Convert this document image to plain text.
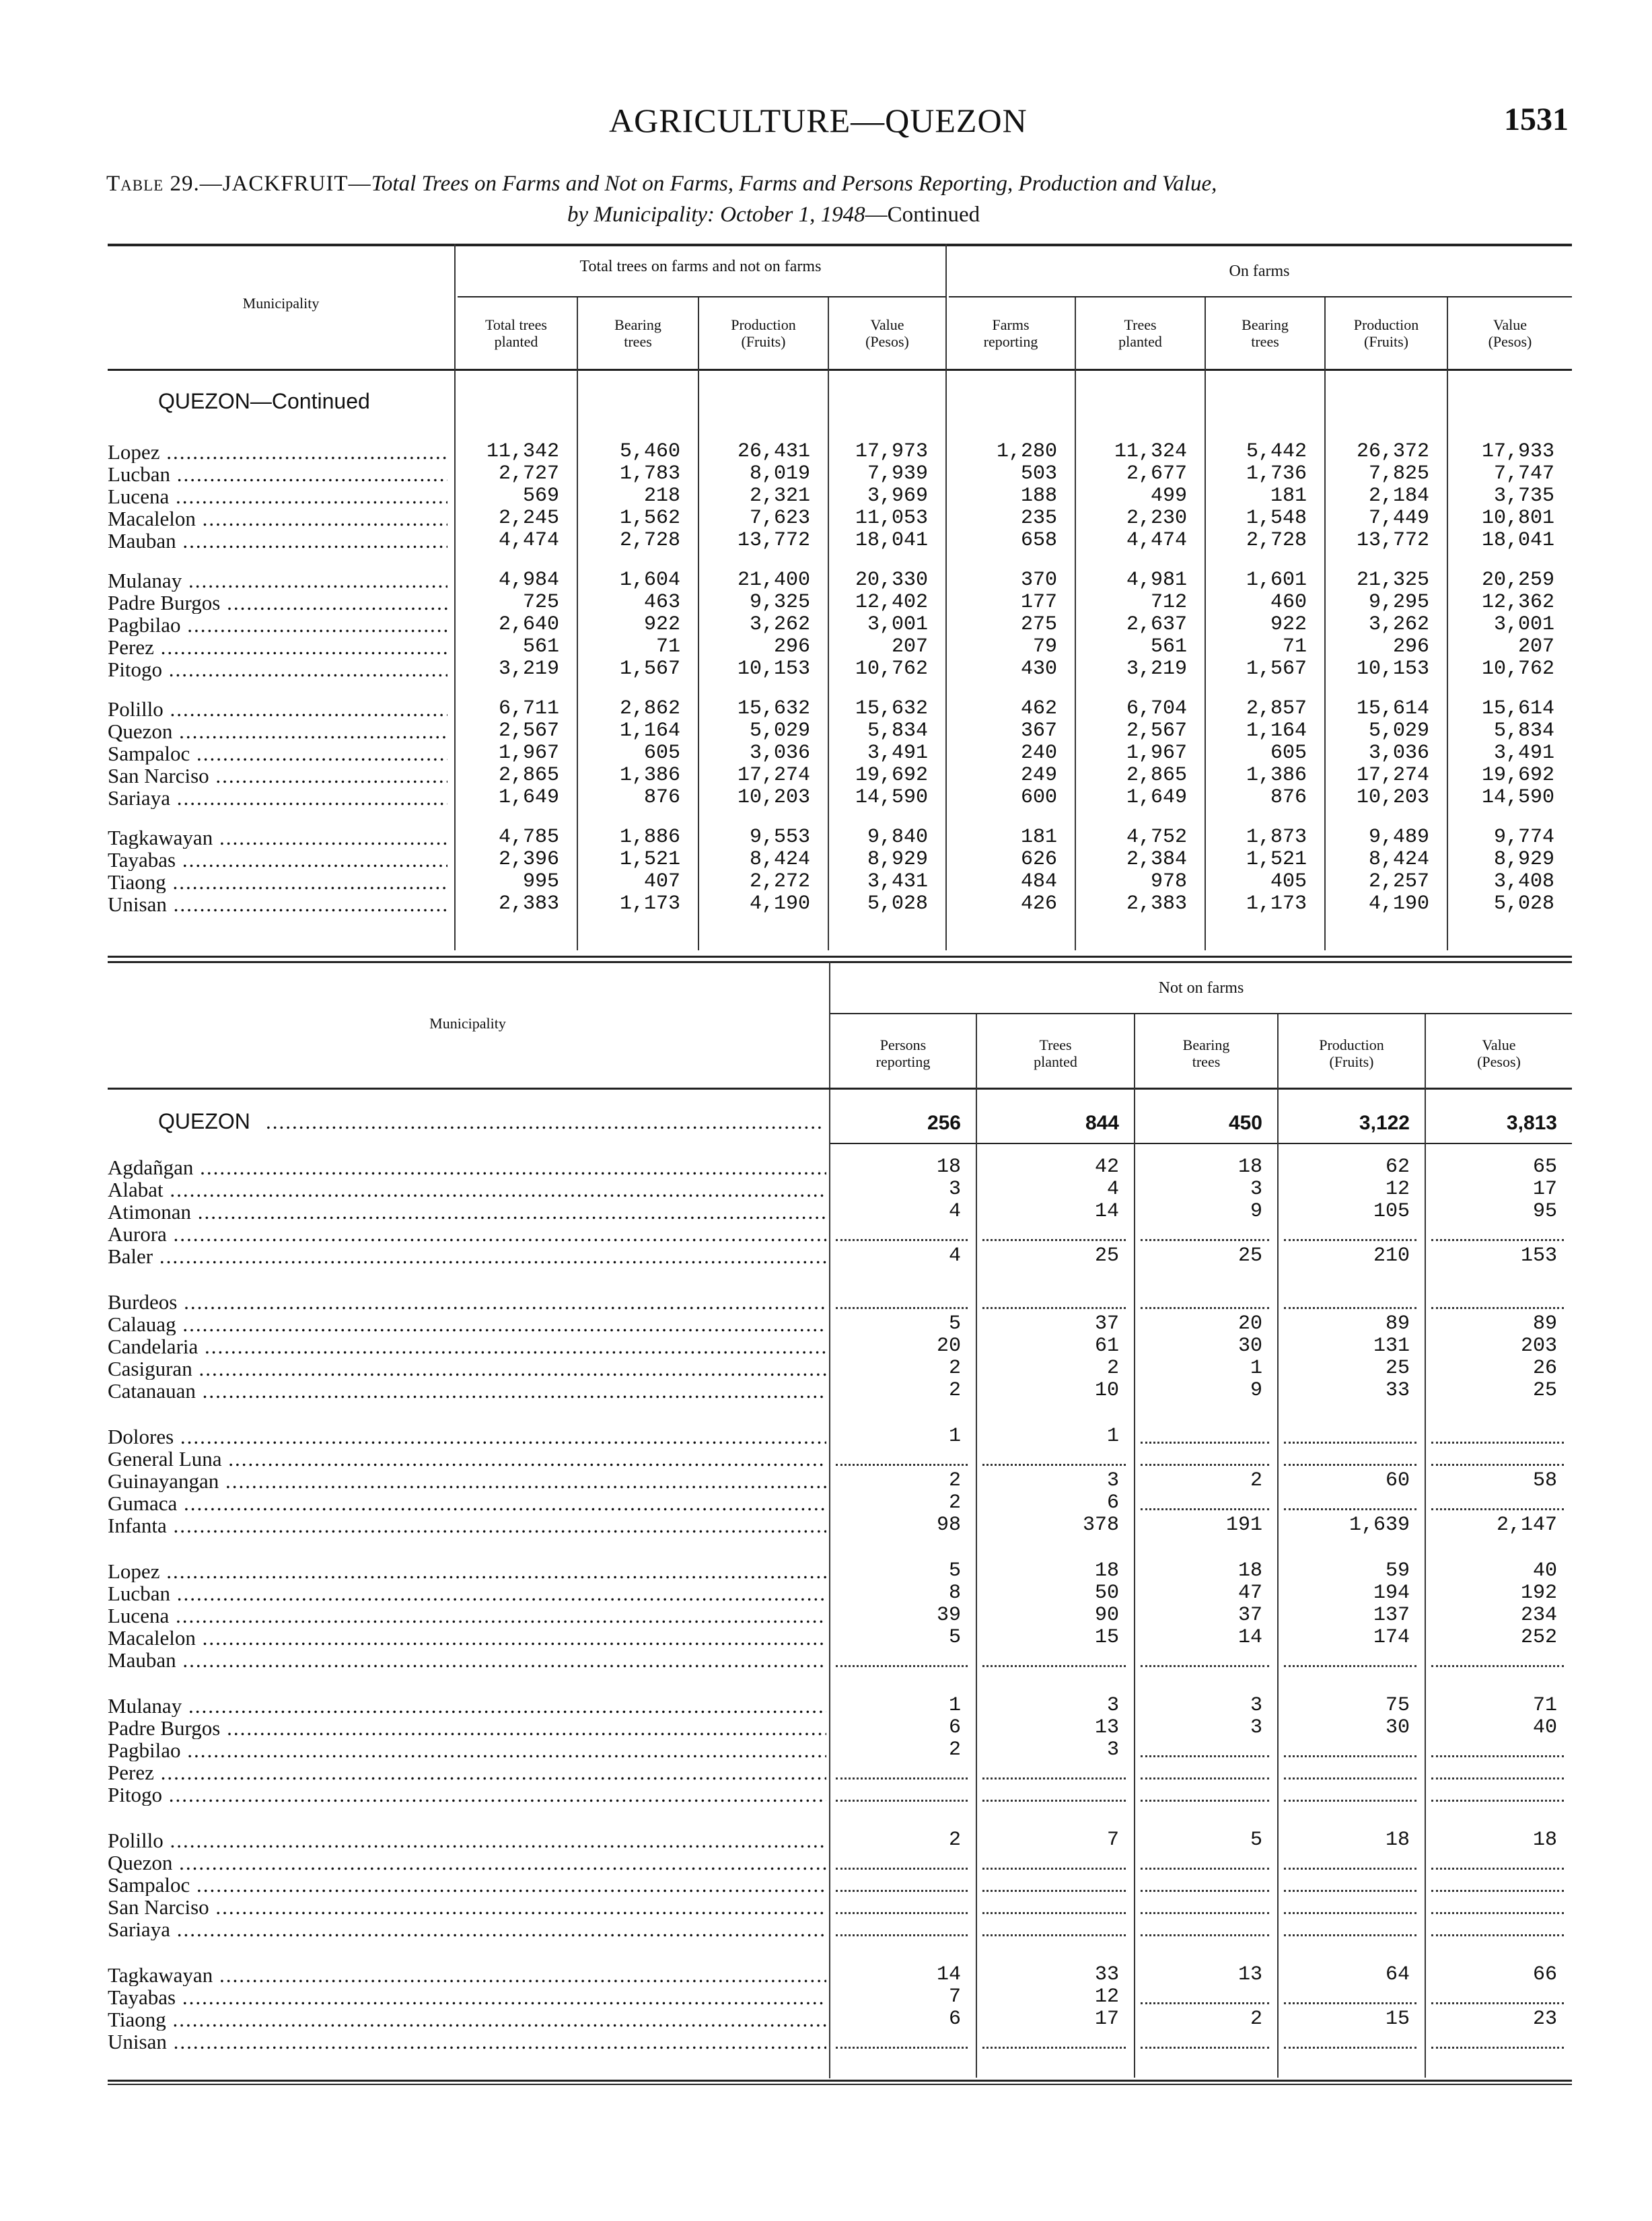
AGRICULTURE—QUEZON	1531
Table 29.—JACKFRUIT—Total Trees on Farms and Not on Farms, Farms and Persons Reporting, Production and Value,
by Municipality: October 1, 1948—Continued
Municipality
Total trees on farms and not on farms	On farms
Total trees
planted
Bearing
trees
Production
(Fruits)
Value
(Pesos)
Farms
reporting
Trees
planted
Bearing
trees
Production
(Fruits)
Value
(Pesos)
QUEZON—Continued
Lopez .....	11,342	5,460	26,431	17,973	1,280	11,324	5,442	26,372	17,933
Lucban .....	2,727	1,783	8,019	7,939	503	2,677	1,736	7,825	7,747
Lucena .....	569	218	2,321	3,969	188	499	181	2,184	3,735
Macalelon .....	2,245	1,562	7,623	11,053	235	2,230	1,548	7,449	10,801
Mauban .....	4,474	2,728	13,772	18,041	658	4,474	2,728	13,772	18,041
Mulanay .....	4,984	1,604	21,400	20,330	370	4,981	1,601	21,325	20,259
Padre Burgos .....	725	463	9,325	12,402	177	712	460	9,295	12,362
Pagbilao .....	2,640	922	3,262	3,001	275	2,637	922	3,262	3,001
Perez .....	561	71	296	207	79	561	71	296	207
Pitogo .....	3,219	1,567	10,153	10,762	430	3,219	1,567	10,153	10,762
Polillo .....	6,711	2,862	15,632	15,632	462	6,704	2,857	15,614	15,614
Quezon .....	2,567	1,164	5,029	5,834	367	2,567	1,164	5,029	5,834
Sampaloc .....	1,967	605	3,036	3,491	240	1,967	605	3,036	3,491
San Narciso .....	2,865	1,386	17,274	19,692	249	2,865	1,386	17,274	19,692
Sariaya .....	1,649	876	10,203	14,590	600	1,649	876	10,203	14,590
Tagkawayan .....	4,785	1,886	9,553	9,840	181	4,752	1,873	9,489	9,774
Tayabas .....	2,396	1,521	8,424	8,929	626	2,384	1,521	8,424	8,929
Tiaong .....	995	407	2,272	3,431	484	978	405	2,257	3,408
Unisan .....	2,383	1,173	4,190	5,028	426	2,383	1,173	4,190	5,028
Municipality
Not on farms
Persons
reporting
Trees
planted
Bearing
trees
Production
(Fruits)
Value
(Pesos)
QUEZON
.....	256	844	450	3,122	3,813
Agdañgan .....	18	42	18	62	65
Alabat .....	3	4	3	12	17
Atimonan .....	4	14	9	105	95
Aurora .....
Baler .....	4	25	25	210	153
Burdeos .....
Calauag .....	5	37	20	89	89
Candelaria .....	20	61	30	131	203
Casiguran .....	2	2	1	25	26
Catanauan .....	2	10	9	33	25
Dolores .....	1	1
General Luna .....
Guinayangan .....	2	3	2	60	58
Gumaca .....	2	6
Infanta .....	98	378	191	1,639	2,147
Lopez .....	5	18	18	59	40
Lucban .....	8	50	47	194	192
Lucena .....	39	90	37	137	234
Macalelon .....	5	15	14	174	252
Mauban .....
Mulanay .....	1	3	3	75	71
Padre Burgos .....	6	13	3	30	40
Pagbilao .....	2	3
Perez .....
Pitogo .....
Polillo .....	2	7	5	18	18
Quezon .....
Sampaloc .....
San Narciso .....
Sariaya .....
Tagkawayan .....	14	33	13	64	66
Tayabas .....	7	12
Tiaong .....	6	17	2	15	23
Unisan .....
